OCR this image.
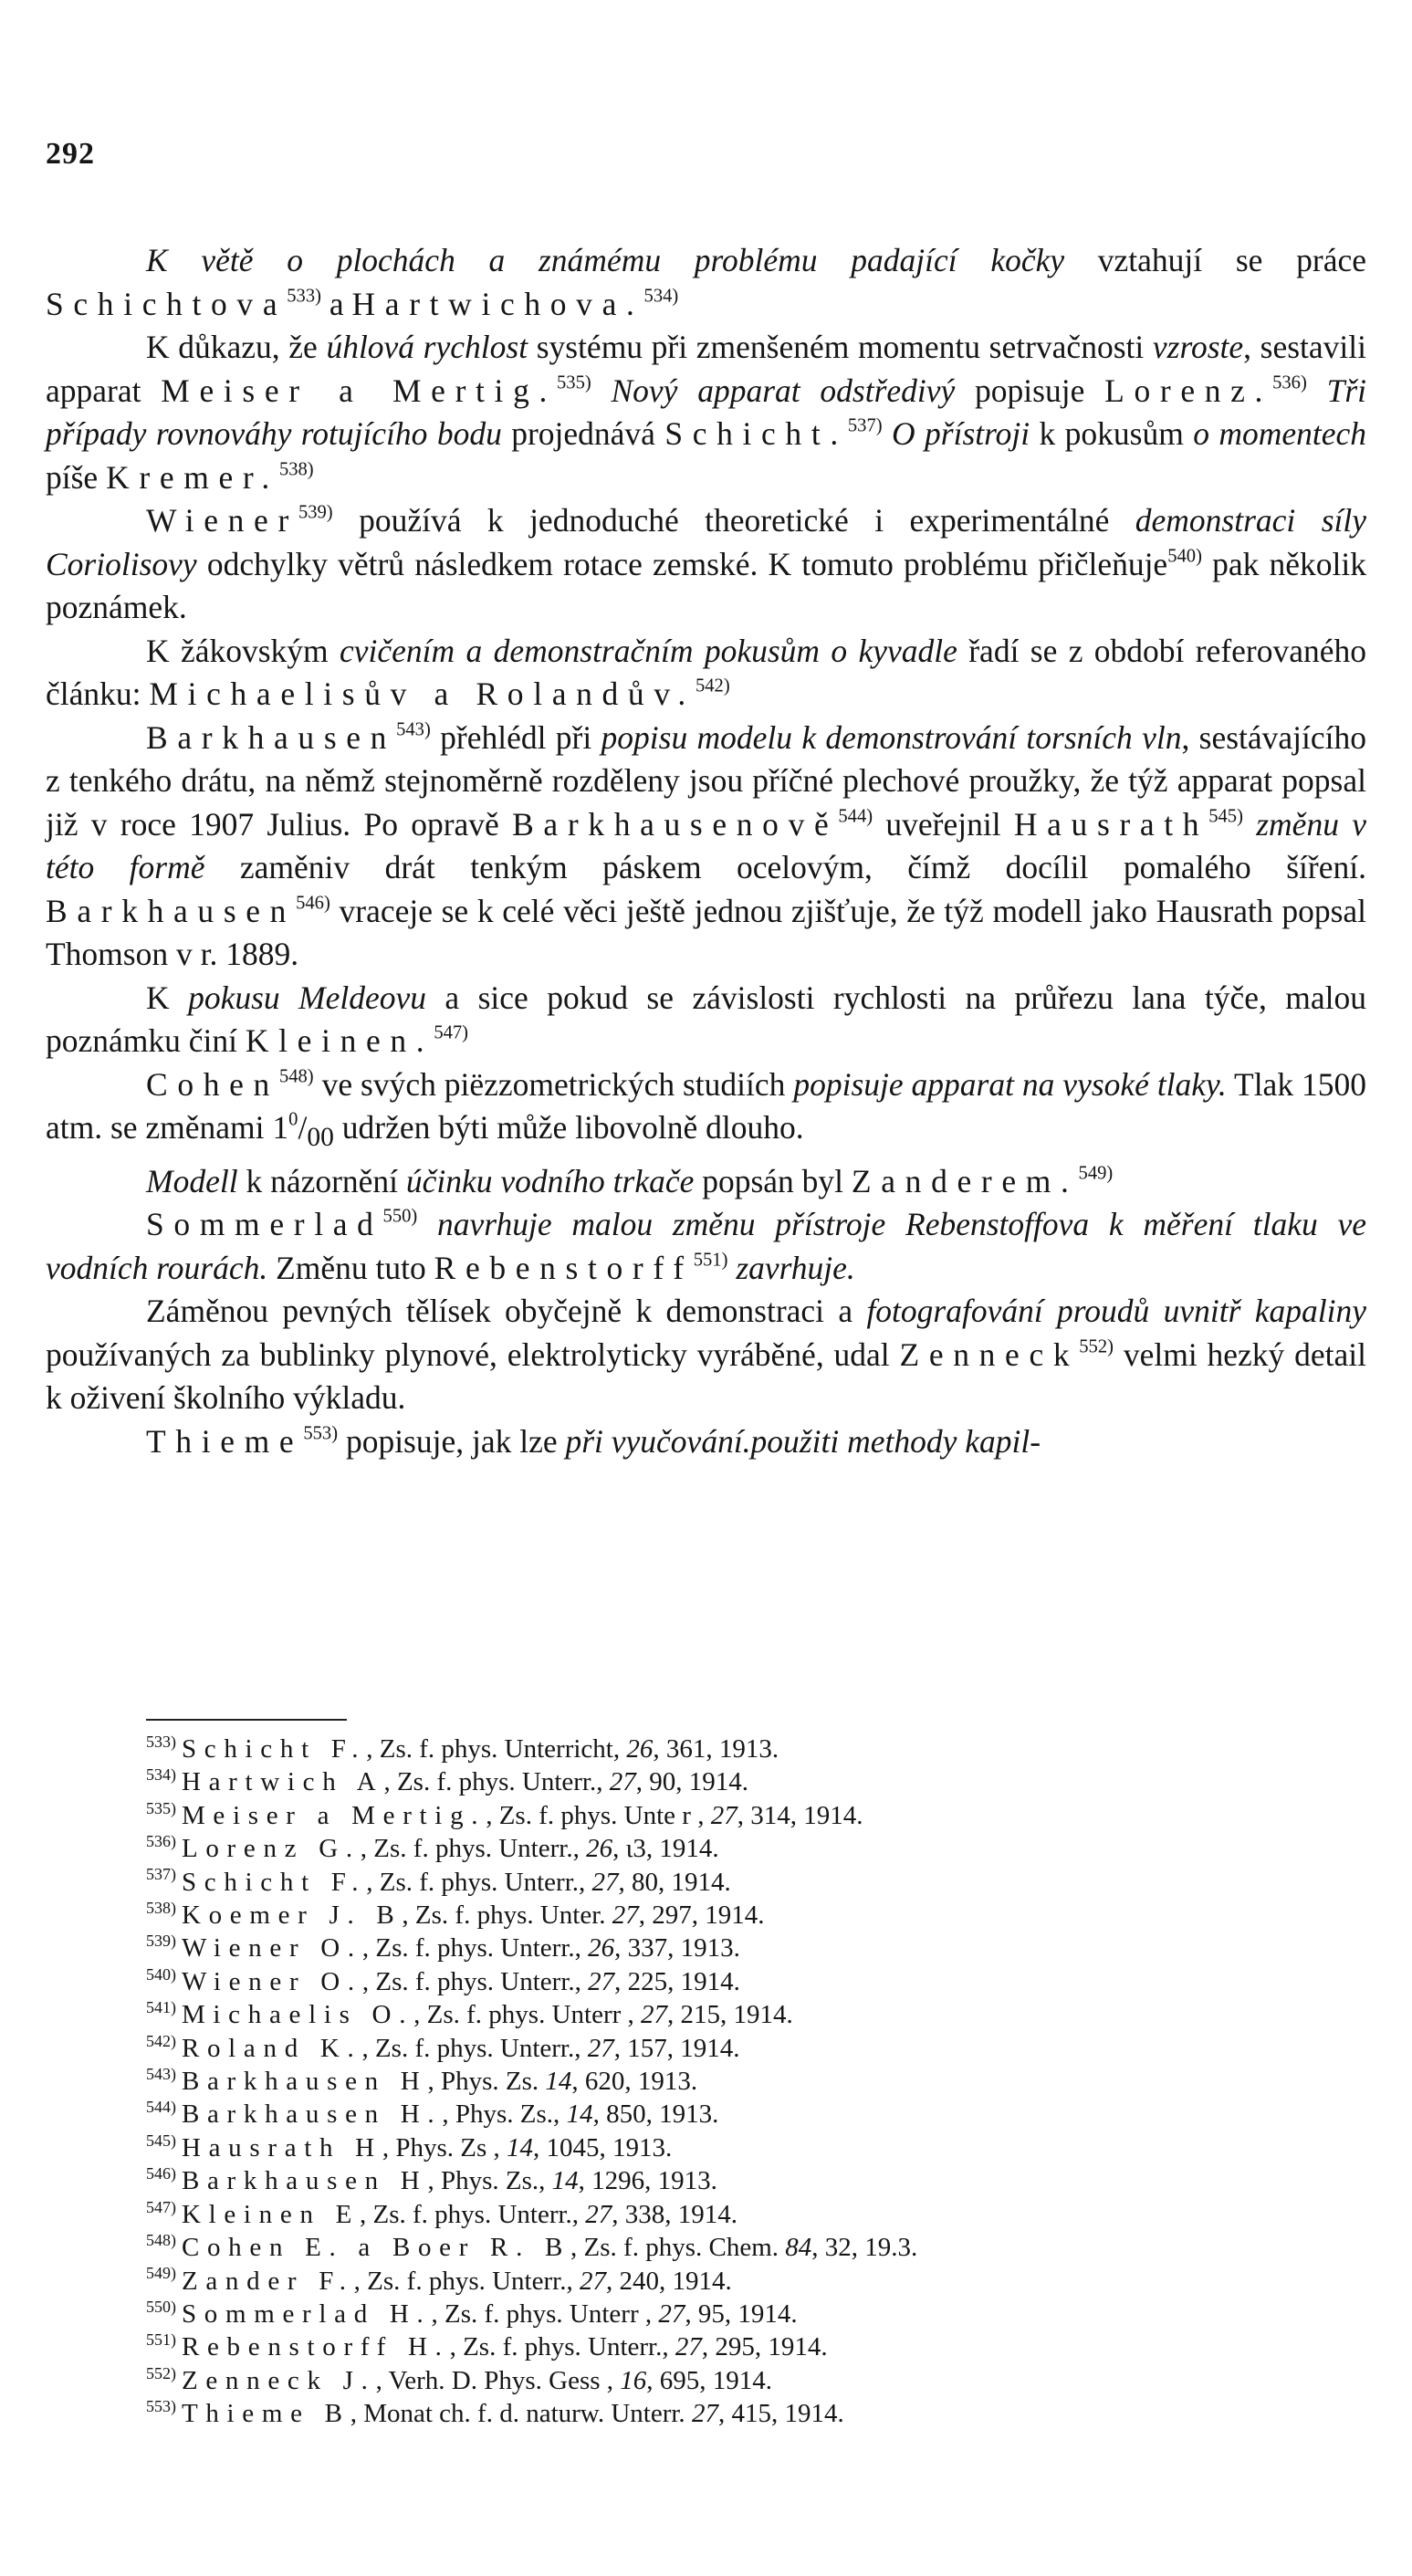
292

K větě o plochách a známému problému padající kočky vztahují se práce Schichtova$^{533)}$ a Hartwichova.$^{534)}$

K důkazu, že úhlová rychlost systému při zmenšeném momentu setrvačnosti vzroste, sestavili apparat Meiser a Mertig.$^{535)}$ Nový apparat odstředivý popisuje Lorenz.$^{536)}$ Tři případy rovnováhy rotujícího bodu projednává Schicht.$^{537)}$ O přístroji k pokusům o momentech píše Kremer.$^{538)}$

Wiener$^{539)}$ používá k jednoduché theoretické i experimentálné demonstraci síly Coriolisovy odchylky větrů následkem rotace zemské. K tomuto problému přičleňuje$^{540)}$ pak několik poznámek.

K žákovským cvičením a demonstračním pokusům o kyvadle řadí se z období referovaného článku: Michaelisův a Rolandův.$^{542)}$

Barkhausen$^{543)}$ přehlédl při popisu modelu k demonstrování torsních vln, sestávajícího z tenkého drátu, na němž stejnoměrně rozděleny jsou příčné plechové proužky, že týž apparat popsal již v roce 1907 Julius. Po opravě Barkhausenově$^{544)}$ uveřejnil Hausrath$^{545)}$ změnu v této formě zaměniv drát tenkým páskem ocelovým, čímž docílil pomalého šíření. Barkhausen$^{546)}$ vraceje se k celé věci ještě jednou zjišťuje, že týž modell jako Hausrath popsal Thomson v r. 1889.

K pokusu Meldeovu a sice pokud se závislosti rychlosti na průřezu lana týče, malou poznámku činí Kleinen.$^{547)}$

Cohen$^{548)}$ ve svých piëzzometrických studiích popisuje apparat na vysoké tlaky. Tlak 1500 atm. se změnami $1^0/_{00}$ udržen býti může libovolně dlouho.

Modell k názornění účinku vodního trkače popsán byl Zanderem.$^{549)}$

Sommerlad$^{550)}$ navrhuje malou změnu přístroje Rebenstoffova k měření tlaku ve vodních rourách. Změnu tuto Rebenstorff$^{551)}$ zavrhuje.

Záměnou pevných tělísek obyčejně k demonstraci a fotografování proudů uvnitř kapaliny používaných za bublinky plynové, elektrolyticky vyráběné, udal Zenneck$^{552)}$ velmi hezký detail k oživení školního výkladu.

Thieme$^{553)}$ popisuje, jak lze při vyučování.použiti methody kapil-

$^{533)}$ Schicht F., Zs. f. phys. Unterricht, 26, 361, 1913.
$^{534)}$ Hartwich A, Zs. f. phys. Unterr., 27, 90, 1914.
$^{535)}$ Meiser a Mertig., Zs. f. phys. Unte r , 27, 314, 1914.
$^{536)}$ Lorenz G., Zs. f. phys. Unterr., 26, ι3, 1914.
$^{537)}$ Schicht F., Zs. f. phys. Unterr., 27, 80, 1914.
$^{538)}$ Koemer J. B, Zs. f. phys. Unter. 27, 297, 1914.
$^{539)}$ Wiener O., Zs. f. phys. Unterr., 26, 337, 1913.
$^{540)}$ Wiener O., Zs. f. phys. Unterr., 27, 225, 1914.
$^{541)}$ Michaelis O., Zs. f. phys. Unterr , 27, 215, 1914.
$^{542)}$ Roland K., Zs. f. phys. Unterr., 27, 157, 1914.
$^{543)}$ Barkhausen H, Phys. Zs. 14, 620, 1913.
$^{544)}$ Barkhausen H., Phys. Zs., 14, 850, 1913.
$^{545)}$ Hausrath H, Phys. Zs , 14, 1045, 1913.
$^{546)}$ Barkhausen H, Phys. Zs., 14, 1296, 1913.
$^{547)}$ Kleinen E, Zs. f. phys. Unterr., 27, 338, 1914.
$^{548)}$ Cohen E. a Boer R. B, Zs. f. phys. Chem. 84, 32, 19.3.
$^{549)}$ Zander F., Zs. f. phys. Unterr., 27, 240, 1914.
$^{550)}$ Sommerlad H., Zs. f. phys. Unterr , 27, 95, 1914.
$^{551)}$ Rebenstorff H., Zs. f. phys. Unterr., 27, 295, 1914.
$^{552)}$ Zenneck J., Verh. D. Phys. Gess , 16, 695, 1914.
$^{553)}$ Thieme B, Monat ch. f. d. naturw. Unterr. 27, 415, 1914.
